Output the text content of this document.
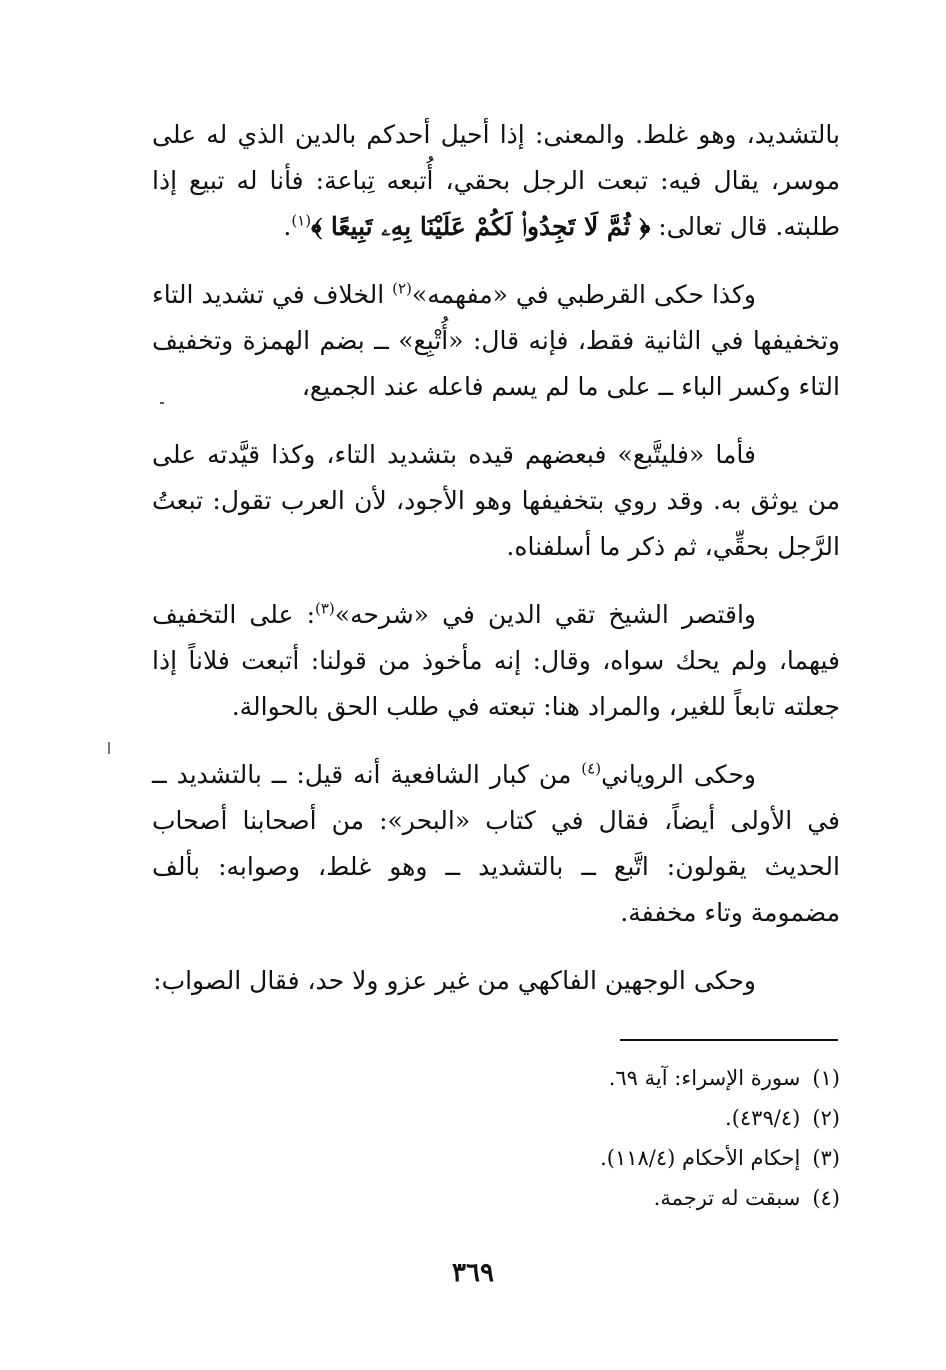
بالتشديد، وهو غلط. والمعنى: إذا أحيل أحدكم بالدين الذي له على موسر، يقال فيه: تبعت الرجل بحقي، أُتبعه تِباعة: فأنا له تبيع إذا طلبته. قال تعالى: ﴿ ثُمَّ لَا تَجِدُوا۟ لَكُمْ عَلَيْنَا بِهِۦ تَبِيعًا ﴾$^{(١)}$.

وكذا حكى القرطبي في «مفهمه»$^{(٢)}$ الخلاف في تشديد التاء وتخفيفها في الثانية فقط، فإنه قال: «أُتْبِع» ــ بضم الهمزة وتخفيف التاء وكسر الباء ــ على ما لم يسم فاعله عند الجميع،

فأما «فليتَّبع» فبعضهم قيده بتشديد التاء، وكذا قيَّدته على من يوثق به. وقد روي بتخفيفها وهو الأجود، لأن العرب تقول: تبعتُ الرَّجل بحقِّي، ثم ذكر ما أسلفناه.

واقتصر الشيخ تقي الدين في «شرحه»$^{(٣)}$: على التخفيف فيهما، ولم يحك سواه، وقال: إنه مأخوذ من قولنا: أتبعت فلاناً إذا جعلته تابعاً للغير، والمراد هنا: تبعته في طلب الحق بالحوالة.

وحكى الروياني$^{(٤)}$ من كبار الشافعية أنه قيل: ــ بالتشديد ــ في الأولى أيضاً، فقال في كتاب «البحر»: من أصحابنا أصحاب الحديث يقولون: اتَّبع ــ بالتشديد ــ وهو غلط، وصوابه: بألف مضمومة وتاء مخففة.

وحكى الوجهين الفاكهي من غير عزو ولا حد، فقال الصواب:

(١)سورة الإسراء: آية ٦٩.

(٢)(٤٣٩/٤).

(٣)إحكام الأحكام (١١٨/٤).

(٤)سبقت له ترجمة.

٣٦٩
